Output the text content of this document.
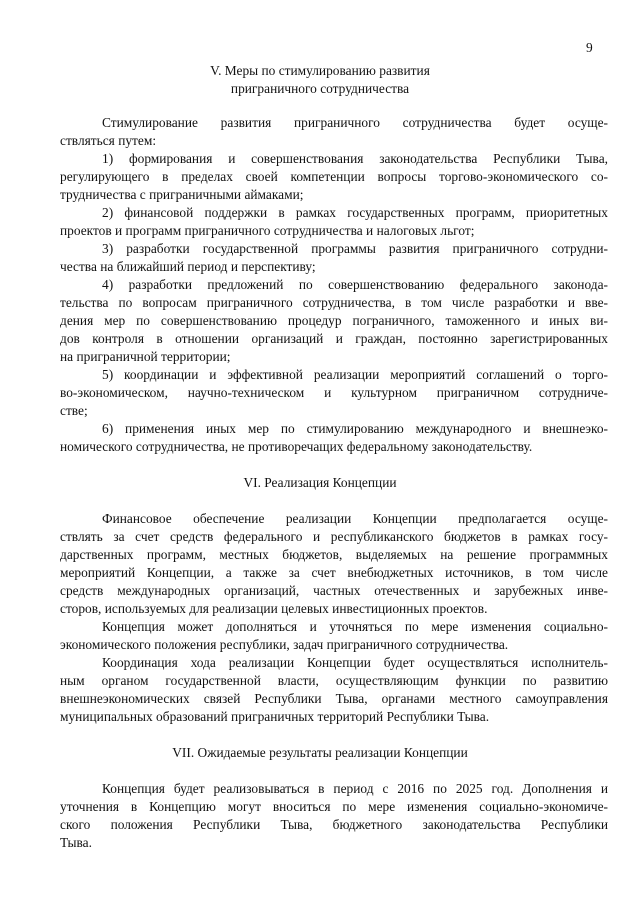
9
V. Меры по стимулированию развития
приграничного сотрудничества
Стимулирование развития приграничного сотрудничества будет осуще-
ствляться путем:
1) формирования и совершенствования законодательства Республики Тыва,
регулирующего в пределах своей компетенции вопросы торгово-экономического со-
трудничества с приграничными аймаками;
2) финансовой поддержки в рамках государственных программ, приоритетных
проектов и программ приграничного сотрудничества и налоговых льгот;
3) разработки государственной программы развития приграничного сотрудни-
чества на ближайший период и перспективу;
4) разработки предложений по совершенствованию федерального законода-
тельства по вопросам приграничного сотрудничества, в том числе разработки и вве-
дения мер по совершенствованию процедур пограничного, таможенного и иных ви-
дов контроля в отношении организаций и граждан, постоянно зарегистрированных
на приграничной территории;
5) координации и эффективной реализации мероприятий соглашений о торго-
во-экономическом, научно-техническом и культурном приграничном сотрудниче-
стве;
6) применения иных мер по стимулированию международного и внешнеэко-
номического сотрудничества, не противоречащих федеральному законодательству.
VI. Реализация Концепции
Финансовое обеспечение реализации Концепции предполагается осуще-
ствлять за счет средств федерального и республиканского бюджетов в рамках госу-
дарственных программ, местных бюджетов, выделяемых на решение программных
мероприятий Концепции, а также за счет внебюджетных источников, в том числе
средств международных организаций, частных отечественных и зарубежных инве-
сторов, используемых для реализации целевых инвестиционных проектов.
Концепция может дополняться и уточняться по мере изменения социально-
экономического положения республики, задач приграничного сотрудничества.
Координация хода реализации Концепции будет осуществляться исполнитель-
ным органом государственной власти, осуществляющим функции по развитию
внешнеэкономических связей Республики Тыва, органами местного самоуправления
муниципальных образований приграничных территорий Республики Тыва.
VII. Ожидаемые результаты реализации Концепции
Концепция будет реализовываться в период с 2016 по 2025 год. Дополнения и
уточнения в Концепцию могут вноситься по мере изменения социально-экономиче-
ского положения Республики Тыва, бюджетного законодательства Республики
Тыва.
